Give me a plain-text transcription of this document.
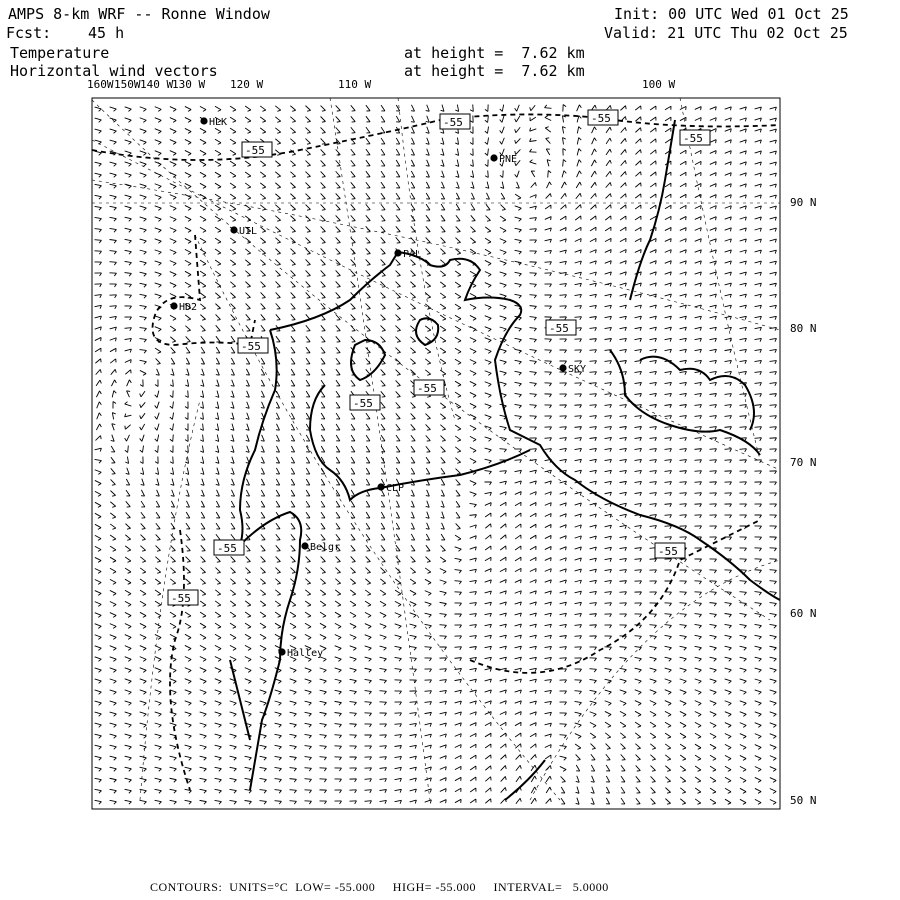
AMPS 8-km WRF -- Ronne Window
Fcst: 45 h
Init: 00 UTC Wed 01 Oct 25
Valid: 21 UTC Thu 02 Oct 25
Temperature
Horizontal wind vectors
at height =  7.62 km
at height =  7.62 km
-55	-55
-55
-55
-55
-55
-55
-55
-55
-55
-55
HLK
PNE
UIL
PAL
HD2
SKY
CLP
Belgr
Halley
160W 150W 140 W
130 W 120 W	110 W	100 W
90 N
80 N
70 N
60 N
50 N
CONTOURS:  UNITS=°C  LOW= -55.000     HIGH= -55.000     INTERVAL=   5.0000
